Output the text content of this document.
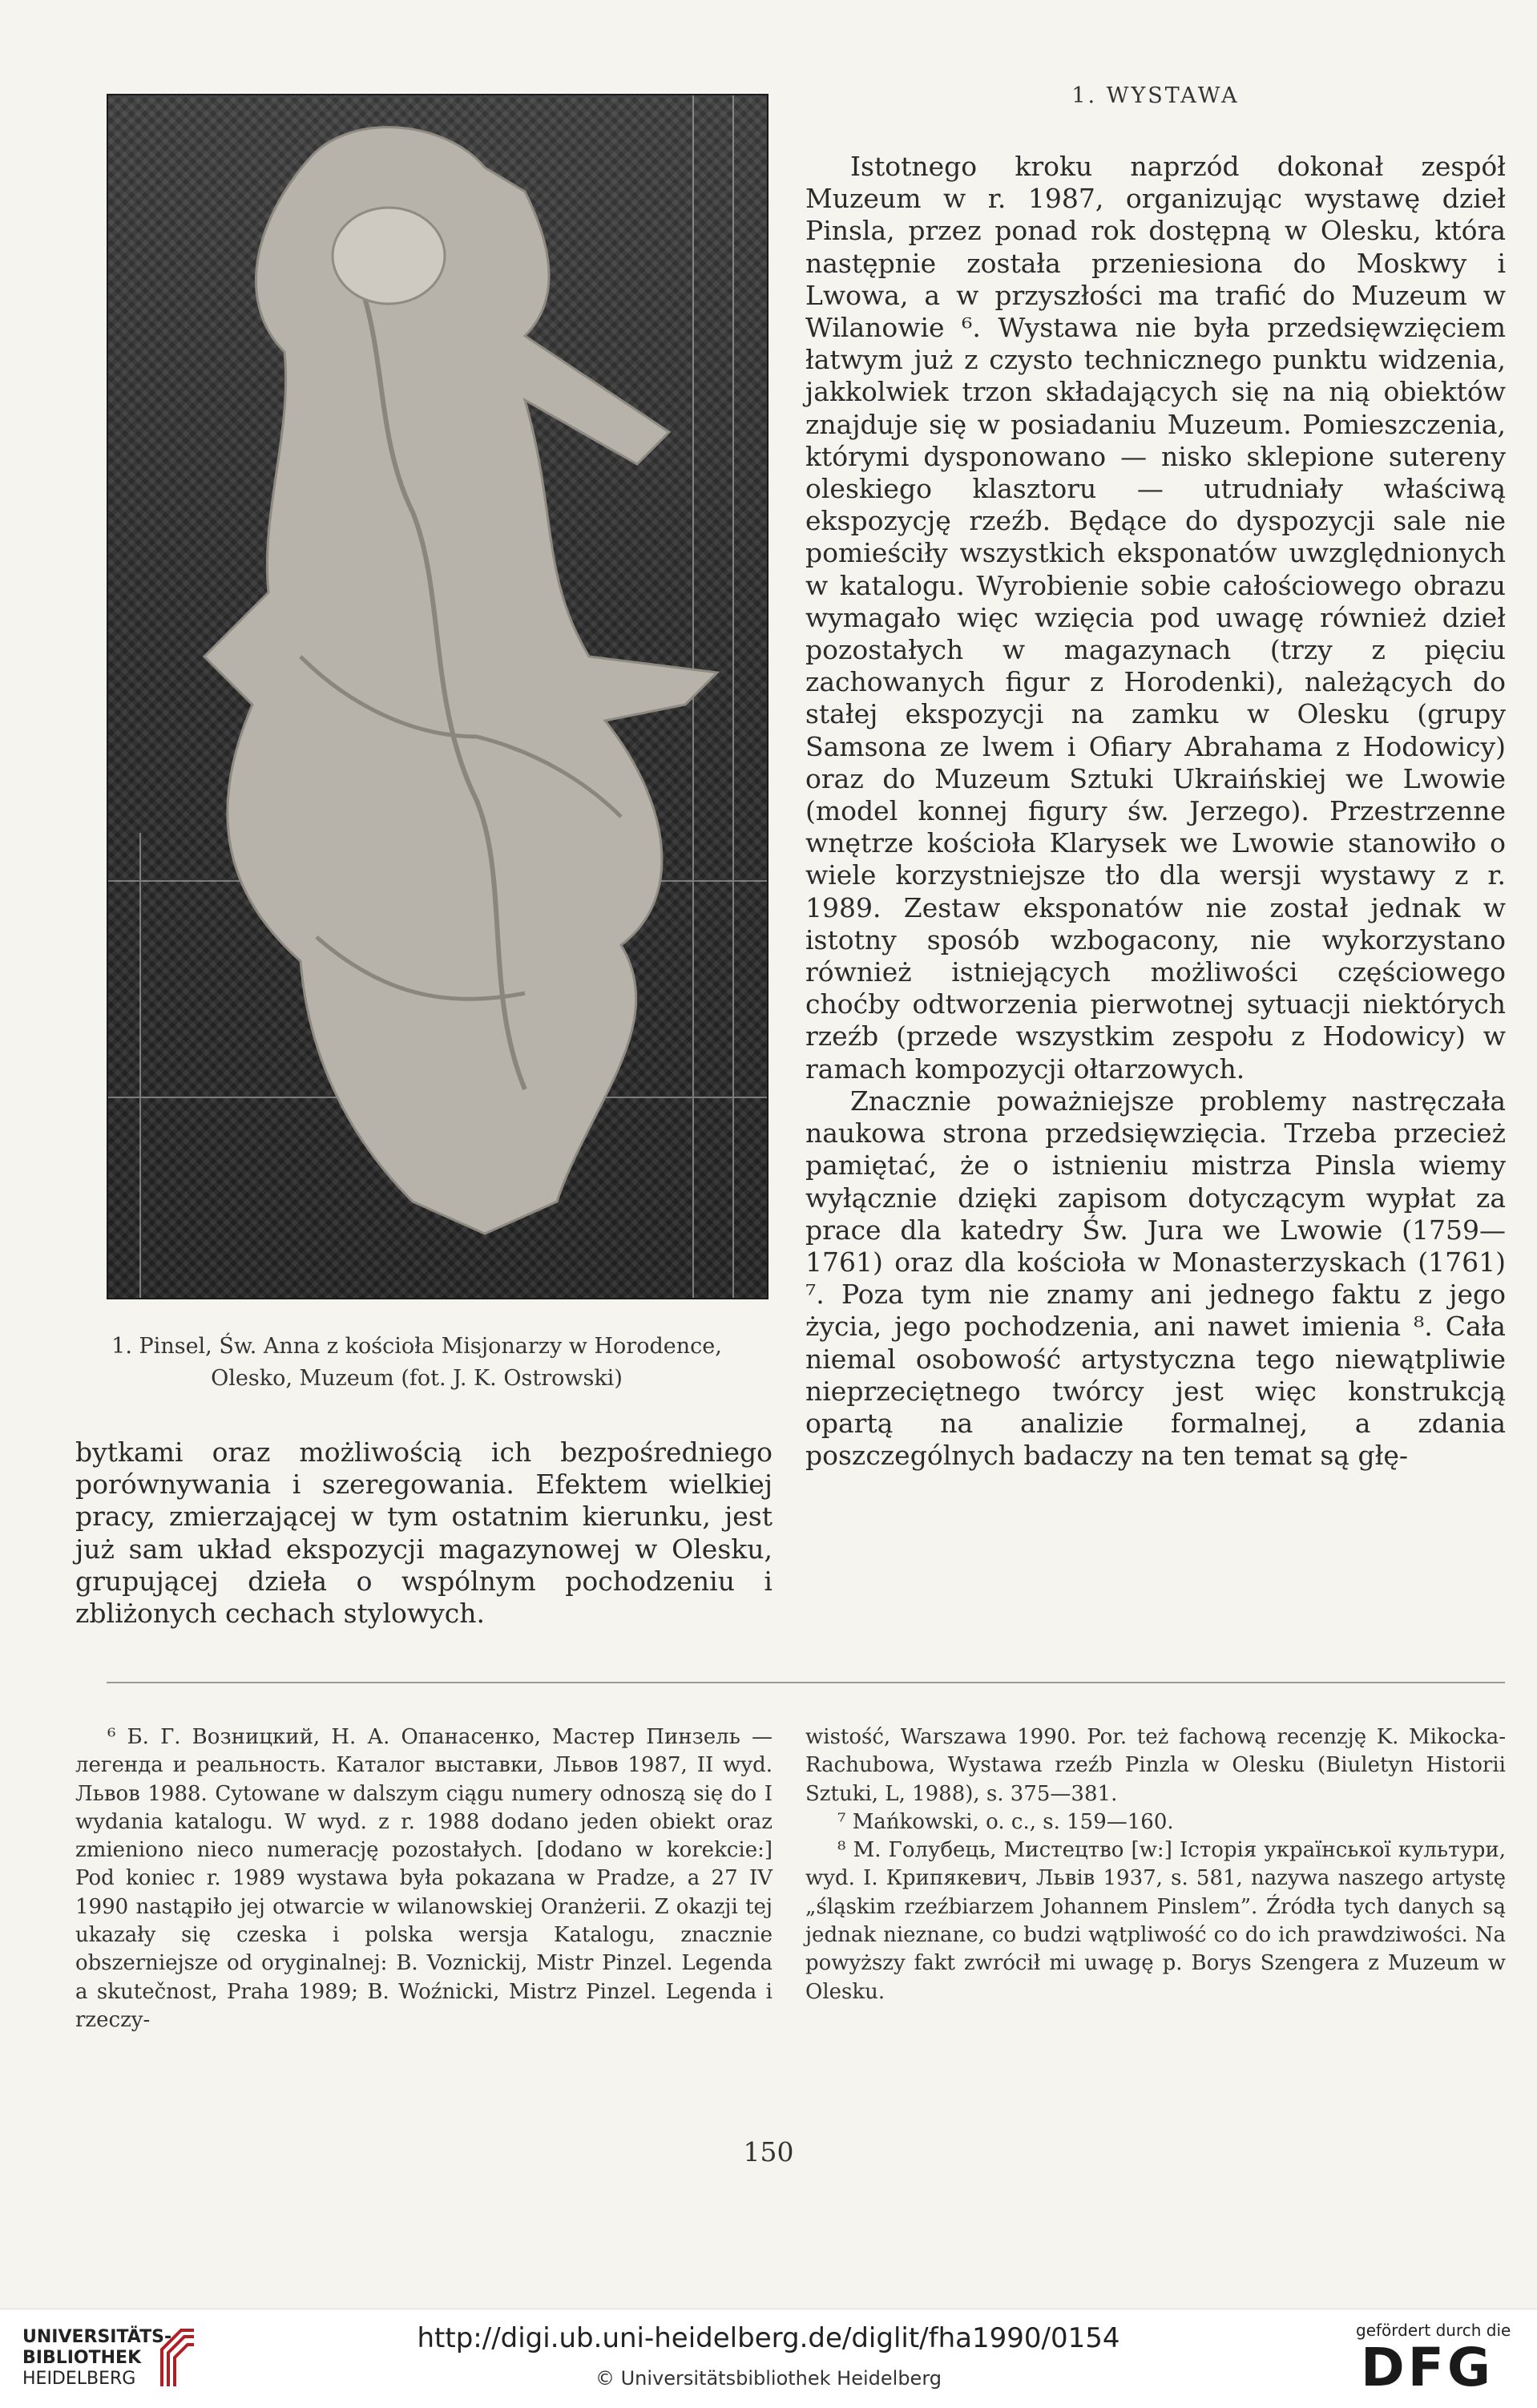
1. Pinsel, Św. Anna z kościoła Misjonarzy w Horodence,
Olesko, Muzeum (fot. J. K. Ostrowski)
1. WYSTAWA

bytkami oraz możliwością ich bezpośredniego porównywania i szeregowania. Efektem wielkiej pracy, zmierzającej w tym ostatnim kierunku, jest już sam układ ekspozycji magazynowej w Olesku, grupującej dzieła o wspólnym pochodzeniu i zbliżonych cechach stylowych.

Istotnego kroku naprzód dokonał zespół Muzeum w r. 1987, organizując wystawę dzieł Pinsla, przez ponad rok dostępną w Olesku, która następnie została przeniesiona do Moskwy i Lwowa, a w przyszłości ma trafić do Muzeum w Wilanowie ⁶. Wystawa nie była przedsięwzięciem łatwym już z czysto technicznego punktu widzenia, jakkolwiek trzon składających się na nią obiektów znajduje się w posiadaniu Muzeum. Pomieszczenia, którymi dysponowano — nisko sklepione sutereny oleskiego klasztoru — utrudniały właściwą ekspozycję rzeźb. Będące do dyspozycji sale nie pomieściły wszystkich eksponatów uwzględnionych w katalogu. Wyrobienie sobie całościowego obrazu wymagało więc wzięcia pod uwagę również dzieł pozostałych w magazynach (trzy z pięciu zachowanych figur z Horodenki), należących do stałej ekspozycji na zamku w Olesku (grupy Samsona ze lwem i Ofiary Abrahama z Hodowicy) oraz do Muzeum Sztuki Ukraińskiej we Lwowie (model konnej figury św. Jerzego). Przestrzenne wnętrze kościoła Klarysek we Lwowie stanowiło o wiele korzystniejsze tło dla wersji wystawy z r. 1989. Zestaw eksponatów nie został jednak w istotny sposób wzbogacony, nie wykorzystano również istniejących możliwości częściowego choćby odtworzenia pierwotnej sytuacji niektórych rzeźb (przede wszystkim zespołu z Hodowicy) w ramach kompozycji ołtarzowych.

Znacznie poważniejsze problemy nastręczała naukowa strona przedsięwzięcia. Trzeba przecież pamiętać, że o istnieniu mistrza Pinsla wiemy wyłącznie dzięki zapisom dotyczącym wypłat za prace dla katedry Św. Jura we Lwowie (1759—1761) oraz dla kościoła w Monasterzyskach (1761) ⁷. Poza tym nie znamy ani jednego faktu z jego życia, jego pochodzenia, ani nawet imienia ⁸. Cała niemal osobowość artystyczna tego niewątpliwie nieprzeciętnego twórcy jest więc konstrukcją opartą na analizie formalnej, a zdania poszczególnych badaczy na ten temat są głę-

⁶ Б. Г. Возницкий, Н. А. Опанасенко, Мастер Пинзель — легенда и реальность. Каталог выставки, Львов 1987, II wyd. Львов 1988. Cytowane w dalszym ciągu numery odnoszą się do I wydania katalogu. W wyd. z r. 1988 dodano jeden obiekt oraz zmieniono nieco numerację pozostałych. [dodano w korekcie:] Pod koniec r. 1989 wystawa była pokazana w Pradze, a 27 IV 1990 nastąpiło jej otwarcie w wilanowskiej Oranżerii. Z okazji tej ukazały się czeska i polska wersja Katalogu, znacznie obszerniejsze od oryginalnej: B. Voznickij, Mistr Pinzel. Legenda a skutečnost, Praha 1989; B. Woźnicki, Mistrz Pinzel. Legenda i rzeczy-

wistość, Warszawa 1990. Por. też fachową recenzję K. Mikocka-Rachubowa, Wystawa rzeźb Pinzla w Olesku (Biuletyn Historii Sztuki, L, 1988), s. 375—381.

⁷ Mańkowski, o. c., s. 159—160.

⁸ М. Голубець, Мистецтво [w:] Історія української культури, wyd. І. Крипякевич, Львів 1937, s. 581, nazywa naszego artystę „śląskim rzeźbiarzem Johannem Pinslem”. Źródła tych danych są jednak nieznane, co budzi wątpliwość co do ich prawdziwości. Na powyższy fakt zwrócił mi uwagę p. Borys Szengera z Muzeum w Olesku.

150
UNIVERSITÄTS-
BIBLIOTHEK
HEIDELBERG
http://digi.ub.uni-heidelberg.de/diglit/fha1990/0154
© Universitätsbibliothek Heidelberg
gefördert durch die
DFG
